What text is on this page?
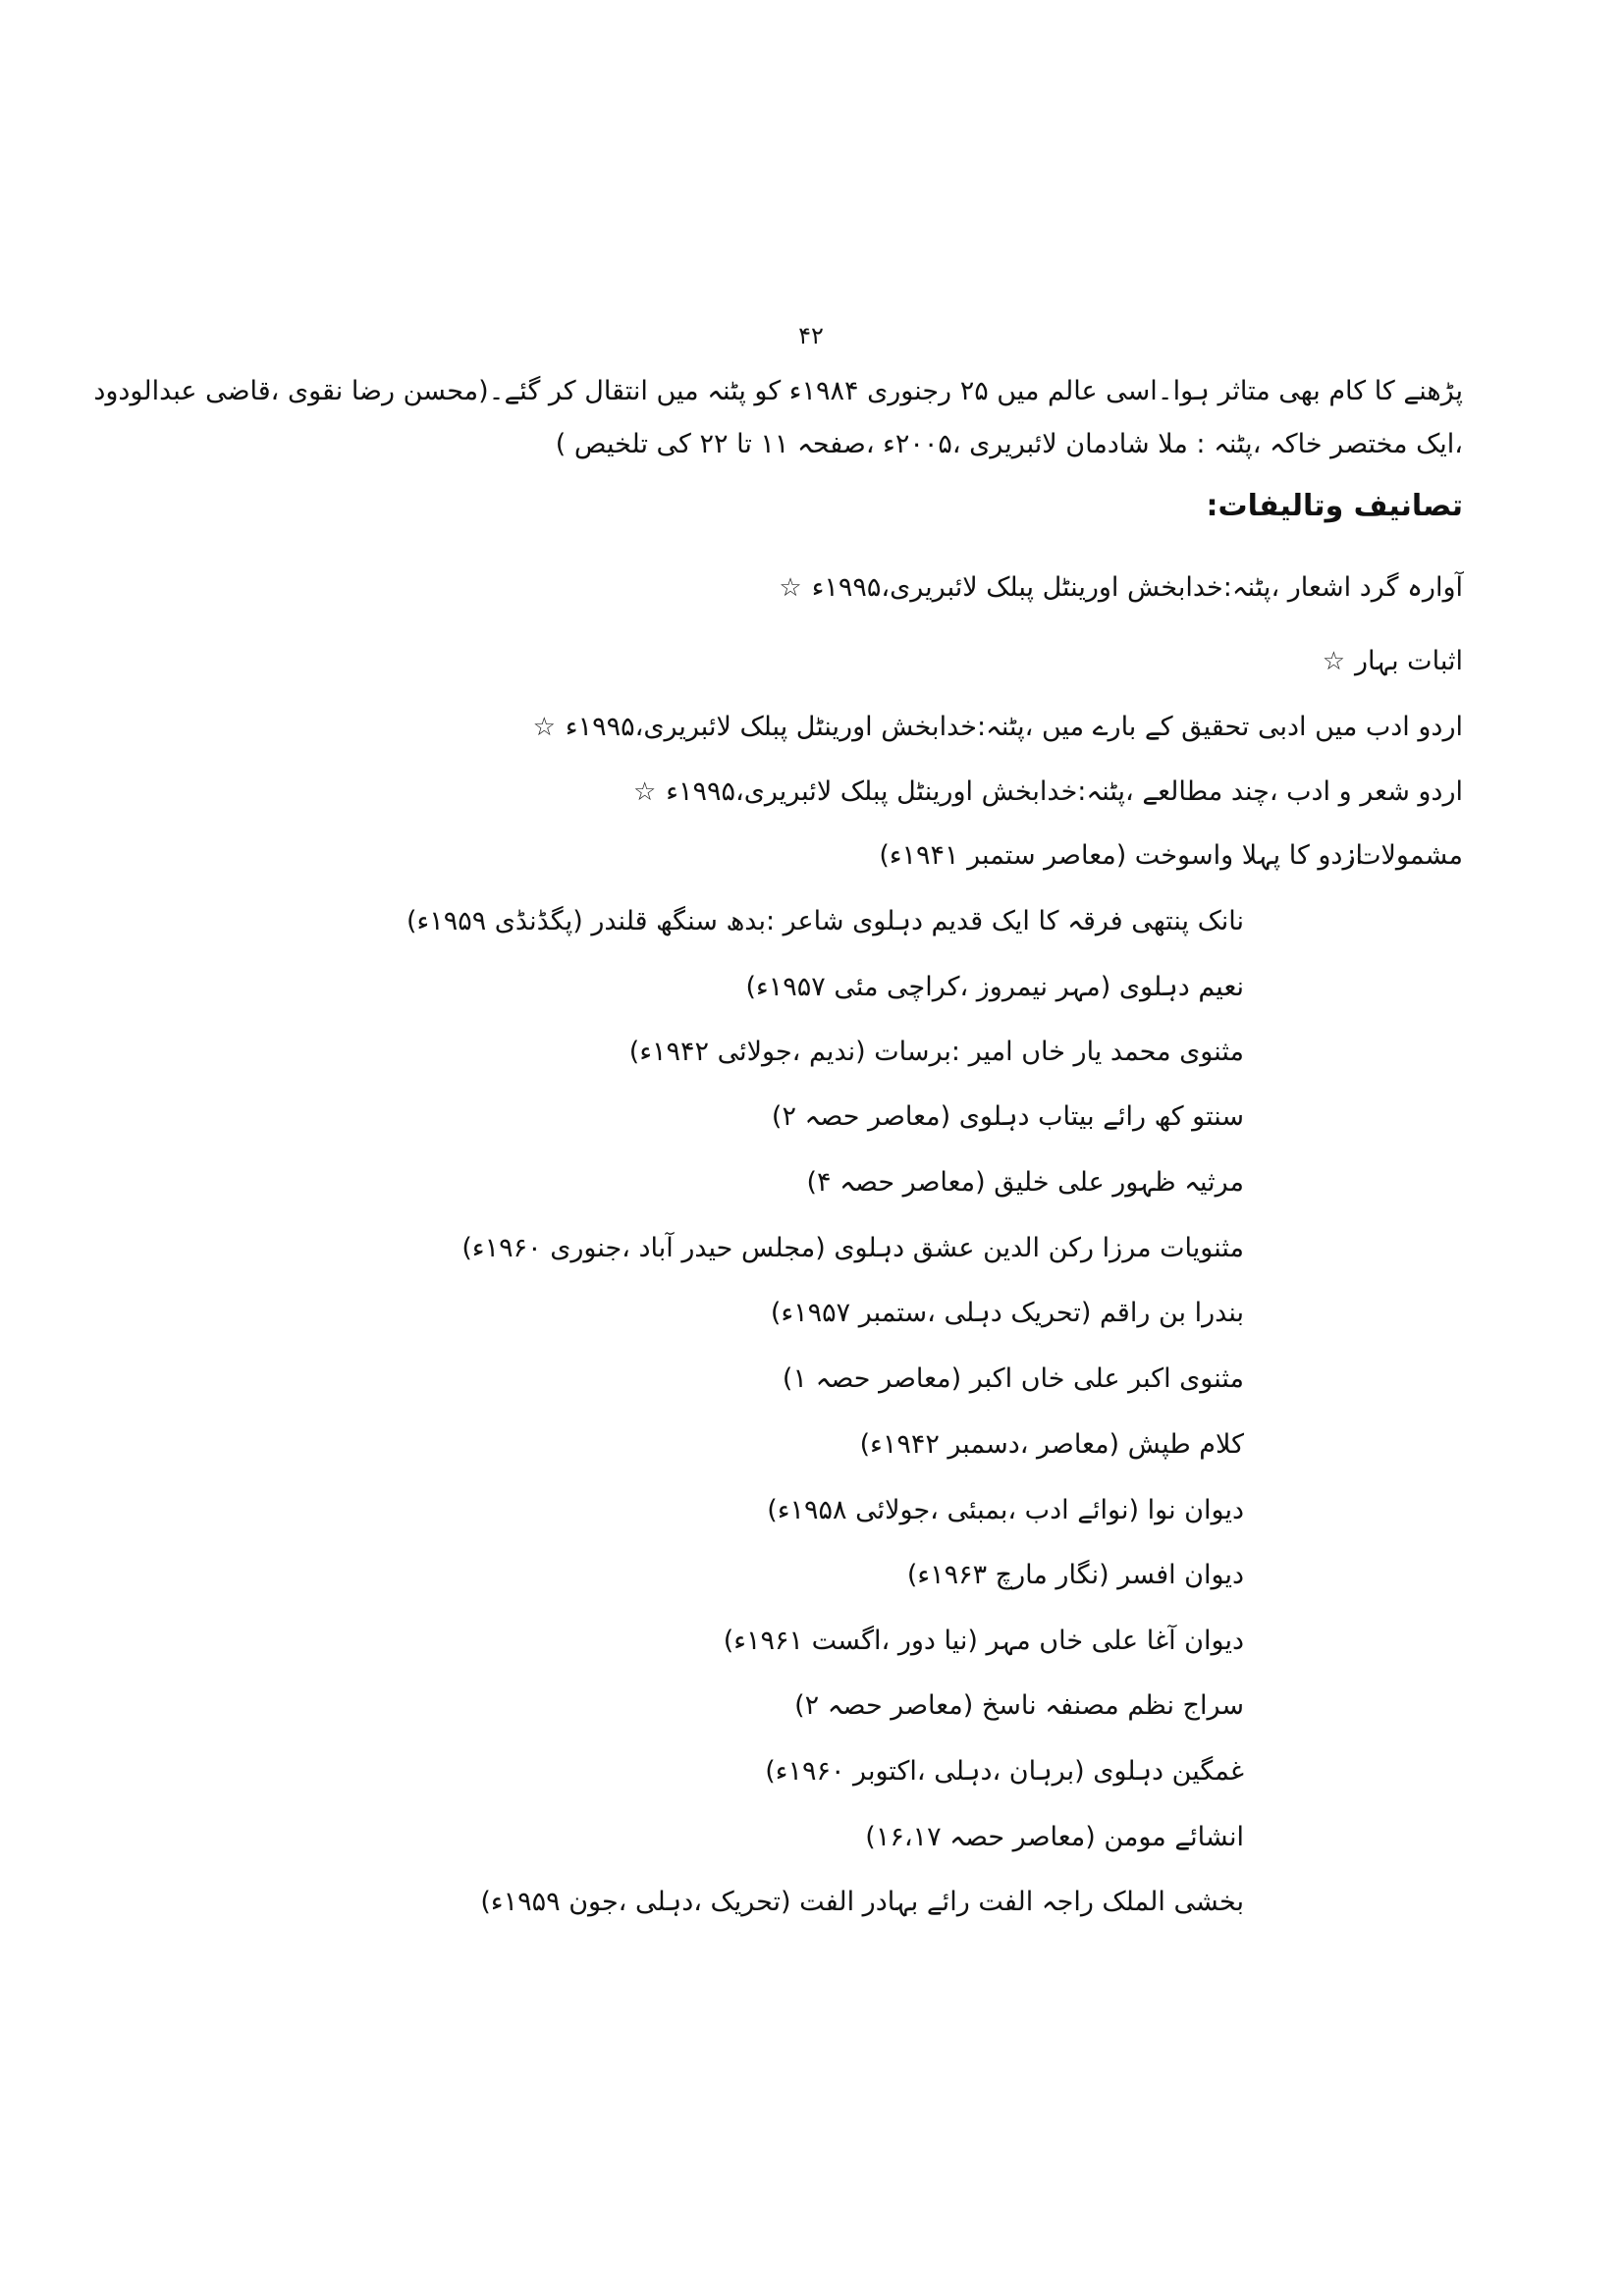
۴۲
پڑھنے کا کام بھی متاثر ہوا۔اسی عالم میں ۲۵ رجنوری ۱۹۸۴ء کو پٹنہ میں انتقال کر گئے۔(محسن رضا نقوی ،قاضی عبدالودود
،ایک مختصر خاکہ ،پٹنہ : ملا شادمان لائبریری ،۲۰۰۵ء ،صفحہ ۱۱ تا ۲۲ کی تلخیص )
تصانیف وتالیفات:
☆ آوارہ گرد اشعار ،پٹنہ:خدابخش اورینٹل پبلک لائبریری،۱۹۹۵ء
☆ اثبات بہار
☆ اردو ادب میں ادبی تحقیق کے بارے میں ،پٹنہ:خدابخش اورینٹل پبلک لائبریری،۱۹۹۵ء
☆ اردو شعر و ادب ،چند مطالعے ،پٹنہ:خدابخش اورینٹل پبلک لائبریری،۱۹۹۵ء
مشمولات:
اردو کا پہلا واسوخت (معاصر ستمبر ۱۹۴۱ء)
نانک پنتھی فرقہ کا ایک قدیم دہلوی شاعر :بدھ سنگھ قلندر (پگڈنڈی ۱۹۵۹ء)
نعیم دہلوی (مہر نیمروز ،کراچی مئی ۱۹۵۷ء)
مثنوی محمد یار خاں امیر :برسات (ندیم ،جولائی ۱۹۴۲ء)
سنتو کھ رائے بیتاب دہلوی (معاصر حصہ ۲)
مرثیہ ظہور علی خلیق (معاصر حصہ ۴)
مثنویات مرزا رکن الدین عشق دہلوی (مجلس حیدر آباد ،جنوری ۱۹۶۰ء)
بندرا بن راقم (تحریک دہلی ،ستمبر ۱۹۵۷ء)
مثنوی اکبر علی خاں اکبر (معاصر حصہ ۱)
کلام طپش (معاصر ،دسمبر ۱۹۴۲ء)
دیوان نوا (نوائے ادب ،بمبئی ،جولائی ۱۹۵۸ء)
دیوان افسر (نگار مارچ ۱۹۶۳ء)
دیوان آغا علی خاں مہر (نیا دور ،اگست ۱۹۶۱ء)
سراج نظم مصنفہ ناسخ (معاصر حصہ ۲)
غمگین دہلوی (برہان ،دہلی ،اکتوبر ۱۹۶۰ء)
انشائے مومن (معاصر حصہ ۱۶،۱۷)
بخشی الملک راجہ الفت رائے بہادر الفت (تحریک ،دہلی ،جون ۱۹۵۹ء)
